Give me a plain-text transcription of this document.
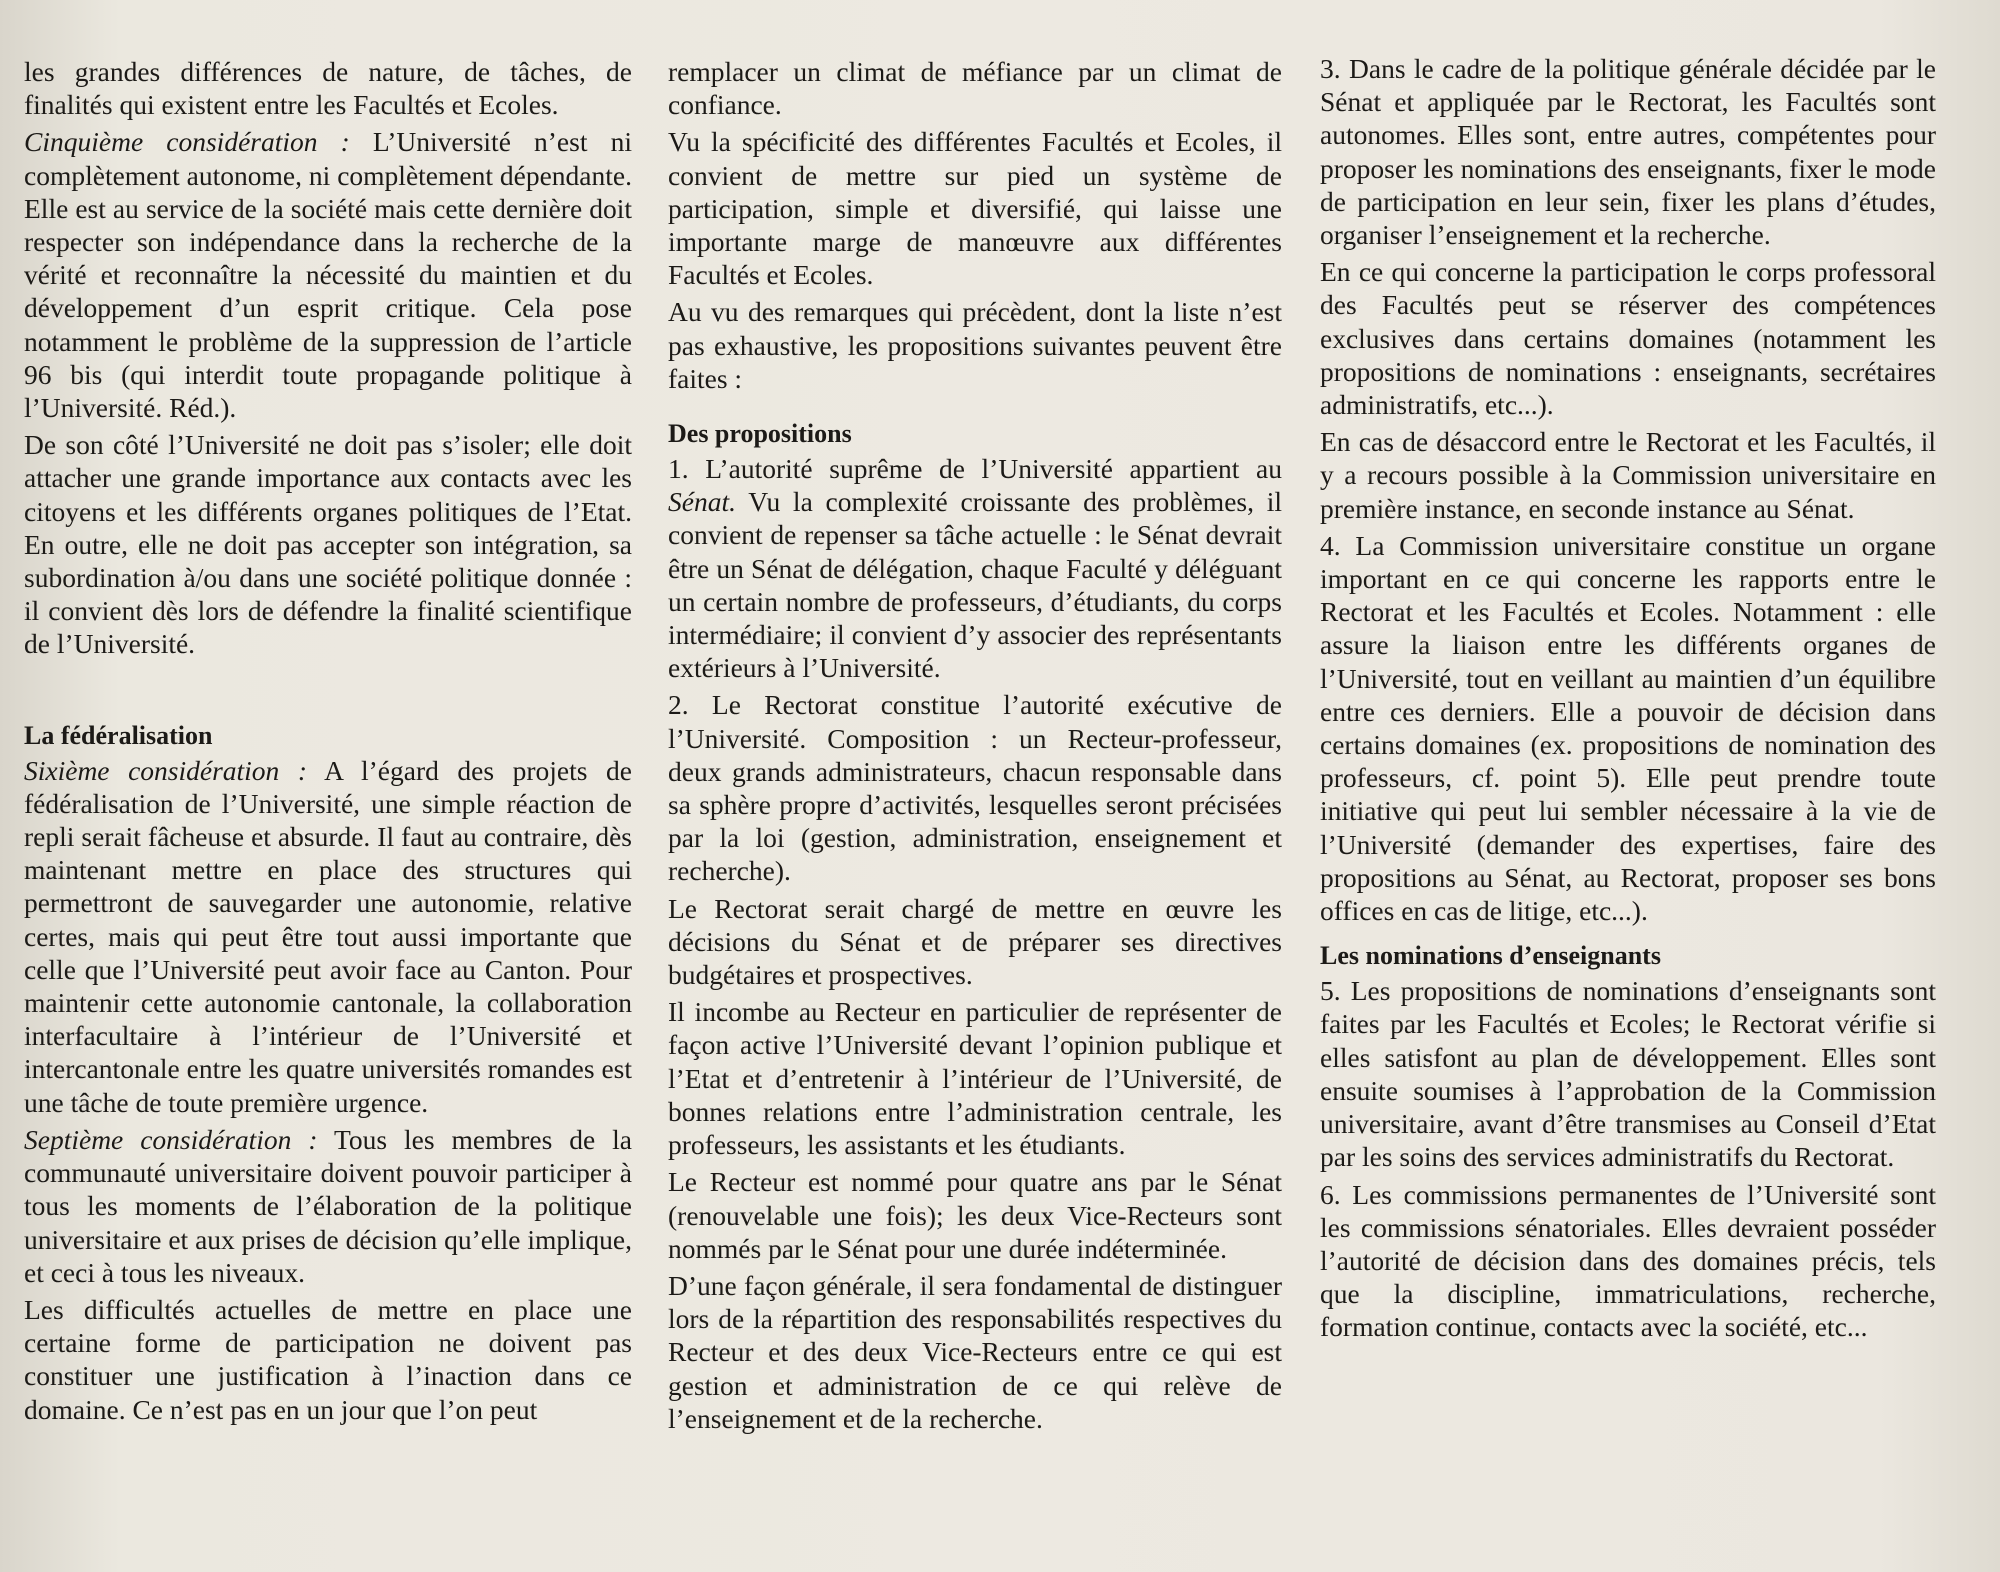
les grandes différences de nature, de tâches, de finalités qui existent entre les Facultés et Ecoles.

Cinquième considération : L’Université n’est ni complètement autonome, ni complètement dépendante. Elle est au service de la société mais cette dernière doit respecter son indépendance dans la recherche de la vérité et reconnaître la nécessité du maintien et du développement d’un esprit critique. Cela pose notamment le problème de la suppression de l’article 96 bis (qui interdit toute propagande politique à l’Université. Réd.).

De son côté l’Université ne doit pas s’isoler; elle doit attacher une grande importance aux contacts avec les citoyens et les différents organes politiques de l’Etat. En outre, elle ne doit pas accepter son intégration, sa subordination à/ou dans une société politique donnée : il convient dès lors de défendre la finalité scientifique de l’Université.

La fédéralisation

Sixième considération : A l’égard des projets de fédéralisation de l’Université, une simple réaction de repli serait fâcheuse et absurde. Il faut au contraire, dès maintenant mettre en place des structures qui permettront de sauvegarder une autonomie, relative certes, mais qui peut être tout aussi importante que celle que l’Université peut avoir face au Canton. Pour maintenir cette autonomie cantonale, la collaboration interfacultaire à l’intérieur de l’Université et intercantonale entre les quatre universités romandes est une tâche de toute première urgence.

Septième considération : Tous les membres de la communauté universitaire doivent pouvoir participer à tous les moments de l’élaboration de la politique universitaire et aux prises de décision qu’elle implique, et ceci à tous les niveaux.

Les difficultés actuelles de mettre en place une certaine forme de participation ne doivent pas constituer une justification à l’inaction dans ce domaine. Ce n’est pas en un jour que l’on peut

remplacer un climat de méfiance par un climat de confiance.

Vu la spécificité des différentes Facultés et Ecoles, il convient de mettre sur pied un système de participation, simple et diversifié, qui laisse une importante marge de manœuvre aux différentes Facultés et Ecoles.

Au vu des remarques qui précèdent, dont la liste n’est pas exhaustive, les propositions suivantes peuvent être faites :

Des propositions

1. L’autorité suprême de l’Université appartient au Sénat. Vu la complexité croissante des problèmes, il convient de repenser sa tâche actuelle : le Sénat devrait être un Sénat de délégation, chaque Faculté y déléguant un certain nombre de professeurs, d’étudiants, du corps intermédiaire; il convient d’y associer des représentants extérieurs à l’Université.

2. Le Rectorat constitue l’autorité exécutive de l’Université. Composition : un Recteur-professeur, deux grands administrateurs, chacun responsable dans sa sphère propre d’activités, lesquelles seront précisées par la loi (gestion, administration, enseignement et recherche).

Le Rectorat serait chargé de mettre en œuvre les décisions du Sénat et de préparer ses directives budgétaires et prospectives.

Il incombe au Recteur en particulier de représenter de façon active l’Université devant l’opinion publique et l’Etat et d’entretenir à l’intérieur de l’Université, de bonnes relations entre l’administration centrale, les professeurs, les assistants et les étudiants.

Le Recteur est nommé pour quatre ans par le Sénat (renouvelable une fois); les deux Vice-Recteurs sont nommés par le Sénat pour une durée indéterminée.

D’une façon générale, il sera fondamental de distinguer lors de la répartition des responsabilités respectives du Recteur et des deux Vice-Recteurs entre ce qui est gestion et administration de ce qui relève de l’enseignement et de la recherche.

3. Dans le cadre de la politique générale décidée par le Sénat et appliquée par le Rectorat, les Facultés sont autonomes. Elles sont, entre autres, compétentes pour proposer les nominations des enseignants, fixer le mode de participation en leur sein, fixer les plans d’études, organiser l’enseignement et la recherche.

En ce qui concerne la participation le corps professoral des Facultés peut se réserver des compétences exclusives dans certains domaines (notamment les propositions de nominations : enseignants, secrétaires administratifs, etc...).

En cas de désaccord entre le Rectorat et les Facultés, il y a recours possible à la Commission universitaire en première instance, en seconde instance au Sénat.

4. La Commission universitaire constitue un organe important en ce qui concerne les rapports entre le Rectorat et les Facultés et Ecoles. Notamment : elle assure la liaison entre les différents organes de l’Université, tout en veillant au maintien d’un équilibre entre ces derniers. Elle a pouvoir de décision dans certains domaines (ex. propositions de nomination des professeurs, cf. point 5). Elle peut prendre toute initiative qui peut lui sembler nécessaire à la vie de l’Université (demander des expertises, faire des propositions au Sénat, au Rectorat, proposer ses bons offices en cas de litige, etc...).

Les nominations d’enseignants

5. Les propositions de nominations d’enseignants sont faites par les Facultés et Ecoles; le Rectorat vérifie si elles satisfont au plan de développement. Elles sont ensuite soumises à l’approbation de la Commission universitaire, avant d’être transmises au Conseil d’Etat par les soins des services administratifs du Rectorat.

6. Les commissions permanentes de l’Université sont les commissions sénatoriales. Elles devraient posséder l’autorité de décision dans des domaines précis, tels que la discipline, immatriculations, recherche, formation continue, contacts avec la société, etc...
